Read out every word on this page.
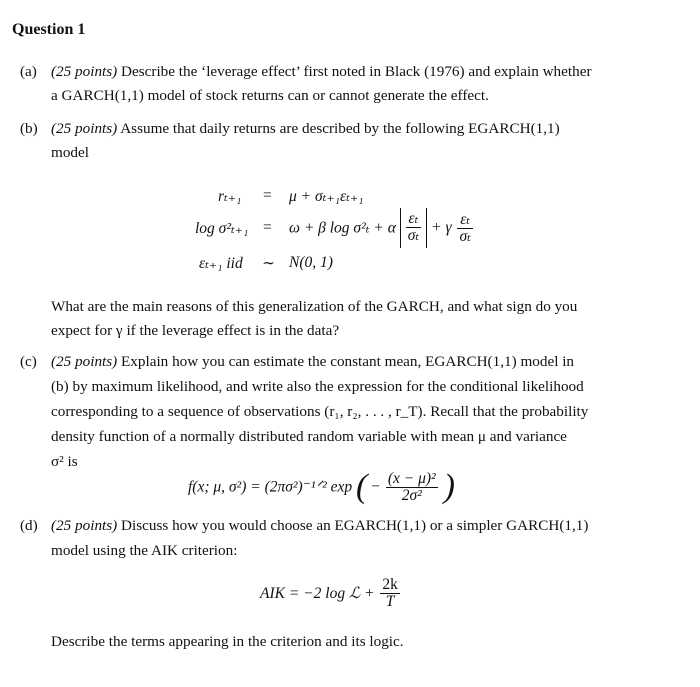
Question 1
(a) (25 points) Describe the ‘leverage effect’ first noted in Black (1976) and explain whether
a GARCH(1,1) model of stock returns can or cannot generate the effect.
(b) (25 points) Assume that daily returns are described by the following EGARCH(1,1)
model
rₜ₊₁ = μ + σₜ₊₁εₜ₊₁
log σ²ₜ₊₁ = ω + β log σ²ₜ + α $\frac{\text{εₜ}}{\text{σₜ}} + \gamma \frac{\text{εₜ}}{\text{σₜ}}$
εₜ₊₁ iid ∼ N(0, 1)
What are the main reasons of this generalization of the GARCH, and what sign do you
expect for γ if the leverage effect is in the data?
(c) (25 points) Explain how you can estimate the constant mean, EGARCH(1,1) model in
(b) by maximum likelihood, and write also the expression for the conditional likelihood
corresponding to a sequence of observations (r₁, r₂, . . . , r_T). Recall that the probability
density function of a normally distributed random variable with mean μ and variance
σ² is
f(x; μ, σ²) = (2πσ²)⁻¹ᐟ² exp ( − $\frac{\text{(x − μ)²}}{\text{2σ²}}$ )
(d) (25 points) Discuss how you would choose an EGARCH(1,1) or a simpler GARCH(1,1)
model using the AIK criterion:
AIK = −2 log ℒ + $\frac{2k}{T}$
Describe the terms appearing in the criterion and its logic.
